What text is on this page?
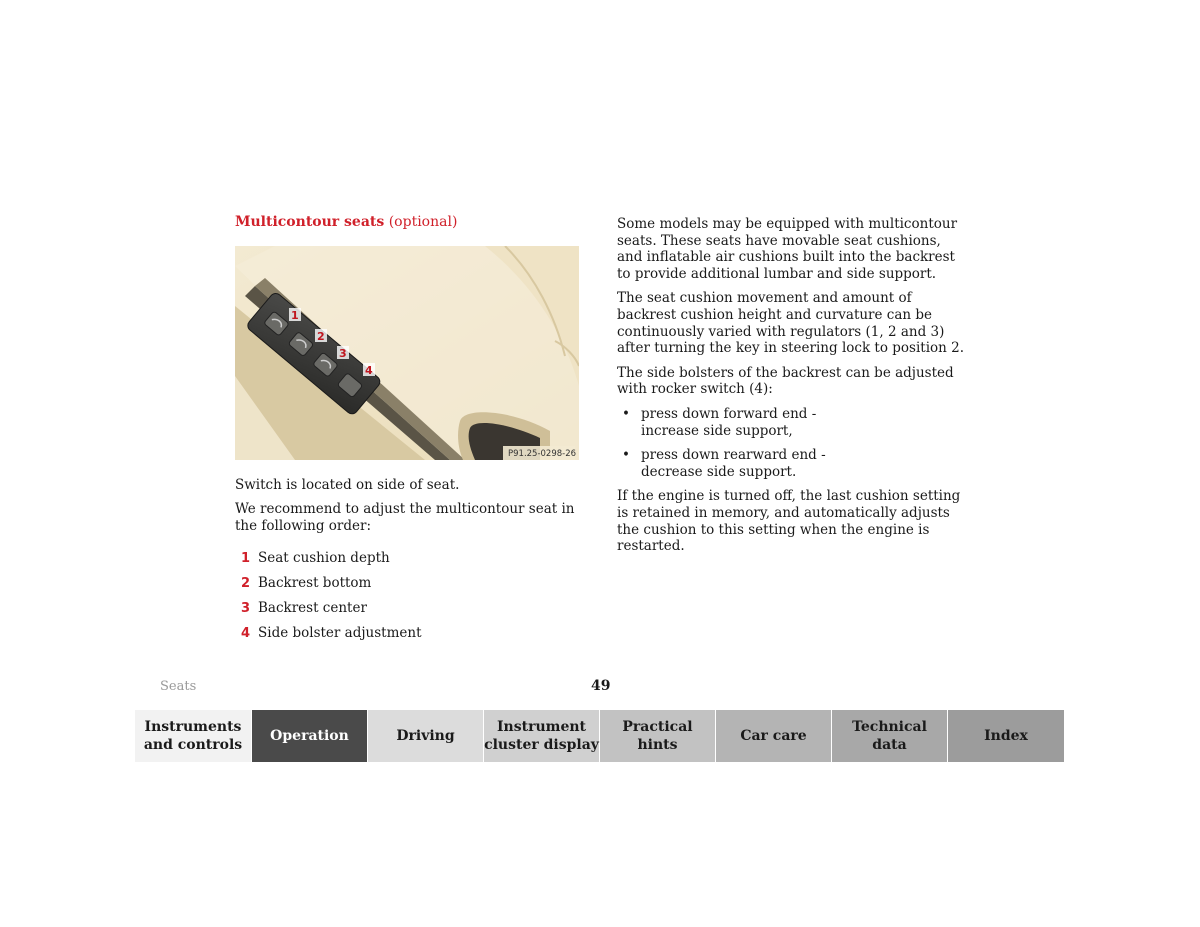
Multicontour seats (optional)
1
2
3
4
P91.25-0298-26
Switch is located on side of seat.
We recommend to adjust the multicontour seat in the following order:
1 Seat cushion depth
2 Backrest bottom
3 Backrest center
4 Side bolster adjustment

Some models may be equipped with multicontour seats. These seats have movable seat cushions, and inflatable air cushions built into the backrest to provide additional lumbar and side support.

The seat cushion movement and amount of backrest cushion height and curvature can be continuously varied with regulators (1, 2 and 3) after turning the key in steering lock to position 2.

The side bolsters of the backrest can be adjusted with rocker switch (4):

• press down forward end -
increase side support,
• press down rearward end -
decrease side support.

If the engine is turned off, the last cushion setting is retained in memory, and automatically adjusts the cushion to this setting when the engine is restarted.

Seats	49
Instruments
and controls
Operation	Driving
Instrument
cluster display
Practical hints
Car care
Technical
data
Index
